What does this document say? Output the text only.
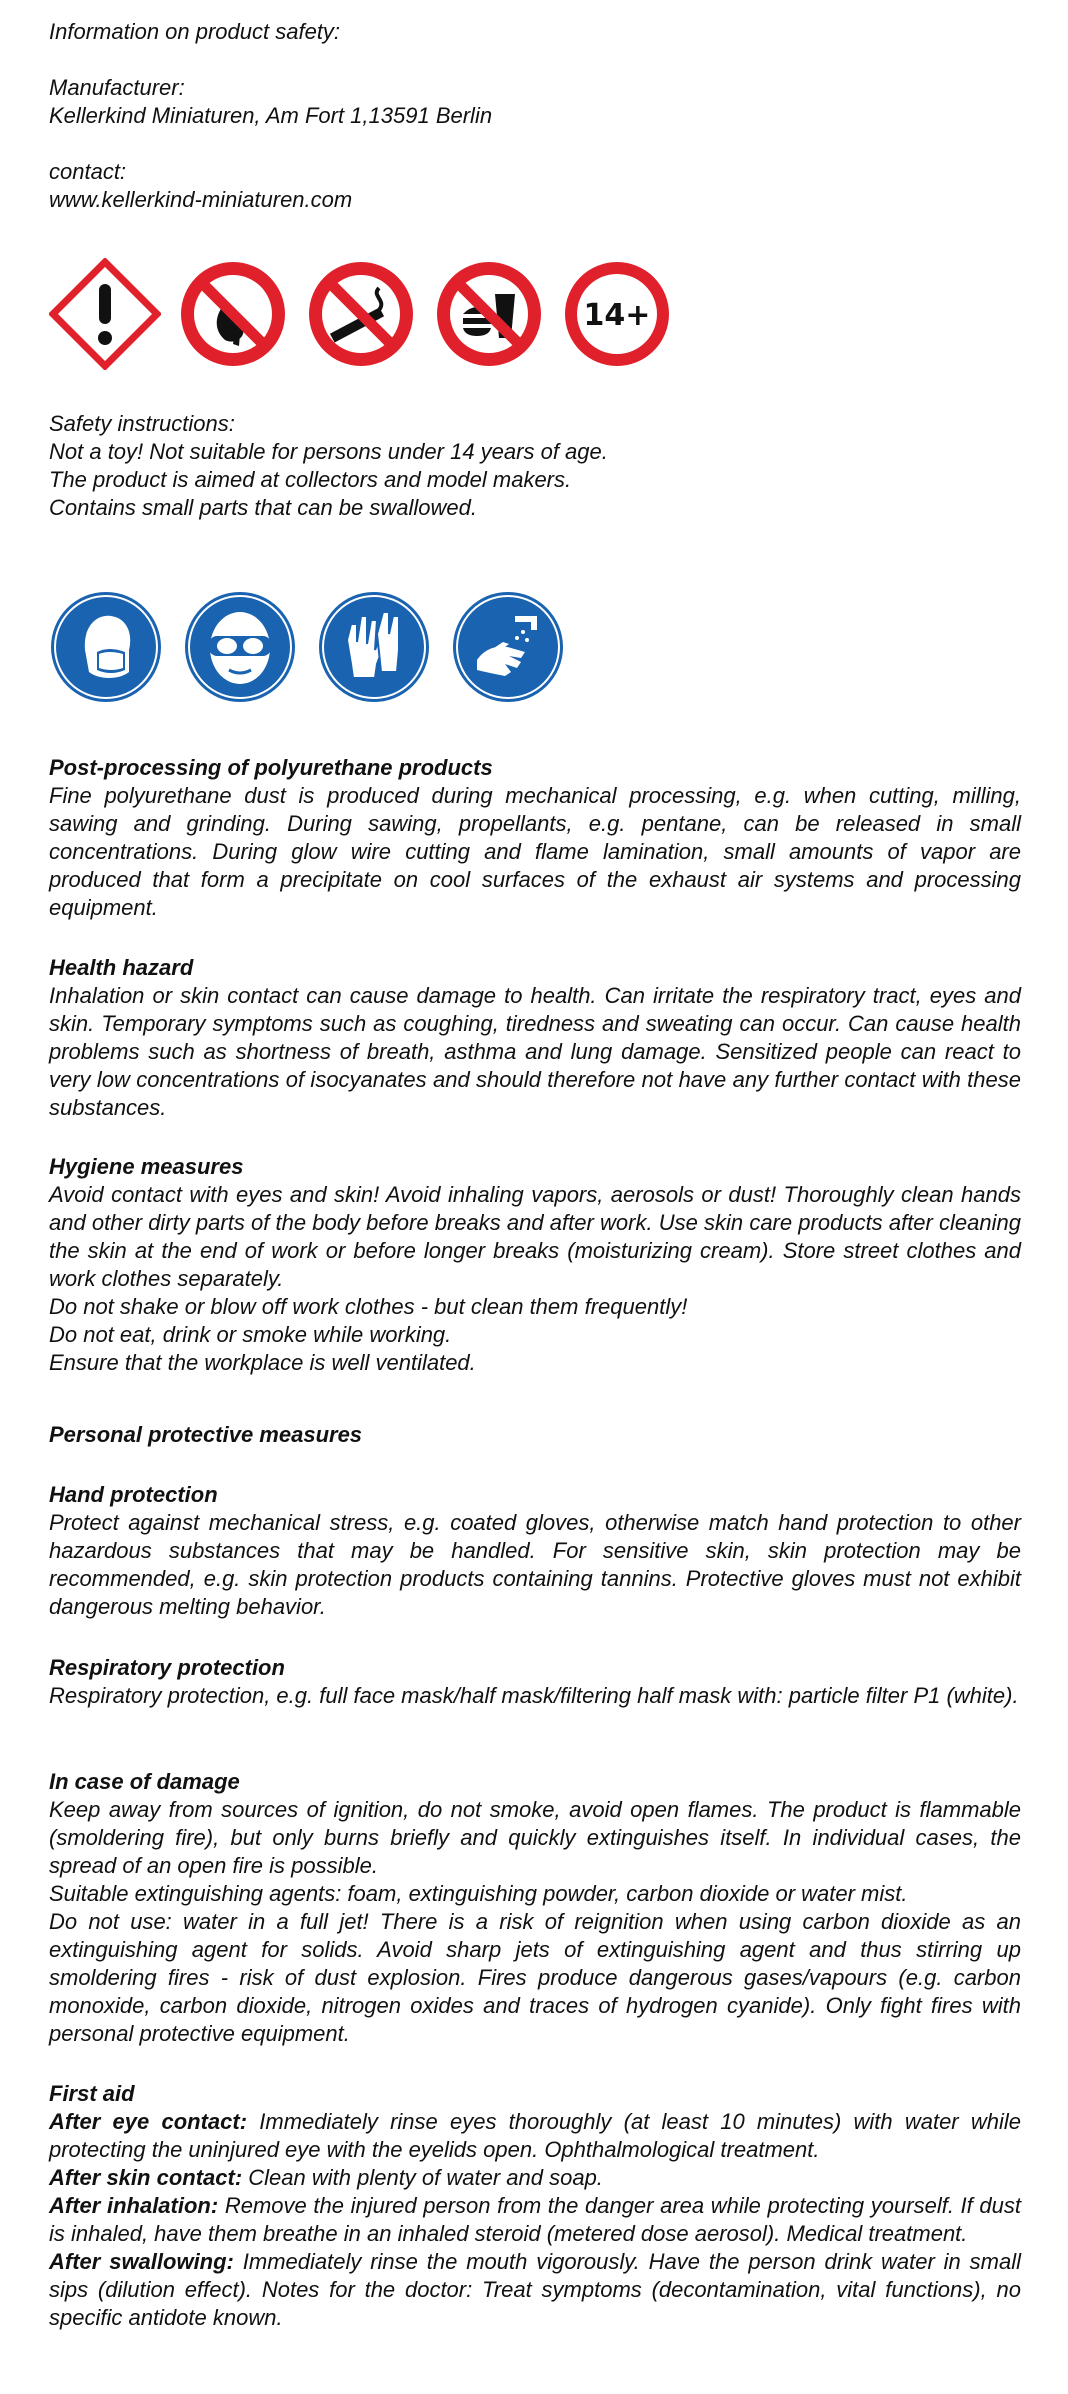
Information on product safety:

Manufacturer:

Kellerkind Miniaturen, Am Fort 1,13591 Berlin

contact:

www.kellerkind-miniaturen.com

14+

Safety instructions:

Not a toy! Not suitable for persons under 14 years of age.

The product is aimed at collectors and model makers.

Contains small parts that can be swallowed.

Post-processing of polyurethane products

Fine polyurethane dust is produced during mechanical processing, e.g. when cutting, milling, sawing and grinding. During sawing, propellants, e.g. pentane, can be released in small concentrations. During glow wire cutting and flame lamination, small amounts of vapor are produced that form a precipitate on cool surfaces of the exhaust air systems and processing equipment.

Health hazard

Inhalation or skin contact can cause damage to health. Can irritate the respiratory tract, eyes and skin. Temporary symptoms such as coughing, tiredness and sweating can occur. Can cause health problems such as shortness of breath, asthma and lung damage. Sensitized people can react to very low concentrations of isocyanates and should therefore not have any further contact with these substances.

Hygiene measures

Avoid contact with eyes and skin! Avoid inhaling vapors, aerosols or dust! Thoroughly clean hands and other dirty parts of the body before breaks and after work. Use skin care products after cleaning the skin at the end of work or before longer breaks (moisturizing cream). Store street clothes and work clothes separately.

Do not shake or blow off work clothes - but clean them frequently!

Do not eat, drink or smoke while working.

Ensure that the workplace is well ventilated.

Personal protective measures

Hand protection

Protect against mechanical stress, e.g. coated gloves, otherwise match hand protection to other hazardous substances that may be handled. For sensitive skin, skin protection may be recommended, e.g. skin protection products containing tannins. Protective gloves must not exhibit dangerous melting behavior.

Respiratory protection

Respiratory protection, e.g. full face mask/half mask/filtering half mask with: particle filter P1 (white).

In case of damage

Keep away from sources of ignition, do not smoke, avoid open flames. The product is flammable (smoldering fire), but only burns briefly and quickly extinguishes itself. In individual cases, the spread of an open fire is possible.

Suitable extinguishing agents: foam, extinguishing powder, carbon dioxide or water mist.

Do not use: water in a full jet! There is a risk of reignition when using carbon dioxide as an extinguishing agent for solids. Avoid sharp jets of extinguishing agent and thus stirring up smoldering fires - risk of dust explosion. Fires produce dangerous gases/vapours (e.g. carbon monoxide, carbon dioxide, nitrogen oxides and traces of hydrogen cyanide). Only fight fires with personal protective equipment.

First aid

After eye contact: Immediately rinse eyes thoroughly (at least 10 minutes) with water while protecting the uninjured eye with the eyelids open. Ophthalmological treatment.

After skin contact: Clean with plenty of water and soap.

After inhalation: Remove the injured person from the danger area while protecting yourself. If dust is inhaled, have them breathe in an inhaled steroid (metered dose aerosol). Medical treatment.

After swallowing: Immediately rinse the mouth vigorously. Have the person drink water in small sips (dilution effect). Notes for the doctor: Treat symptoms (decontamination, vital functions), no specific antidote known.
